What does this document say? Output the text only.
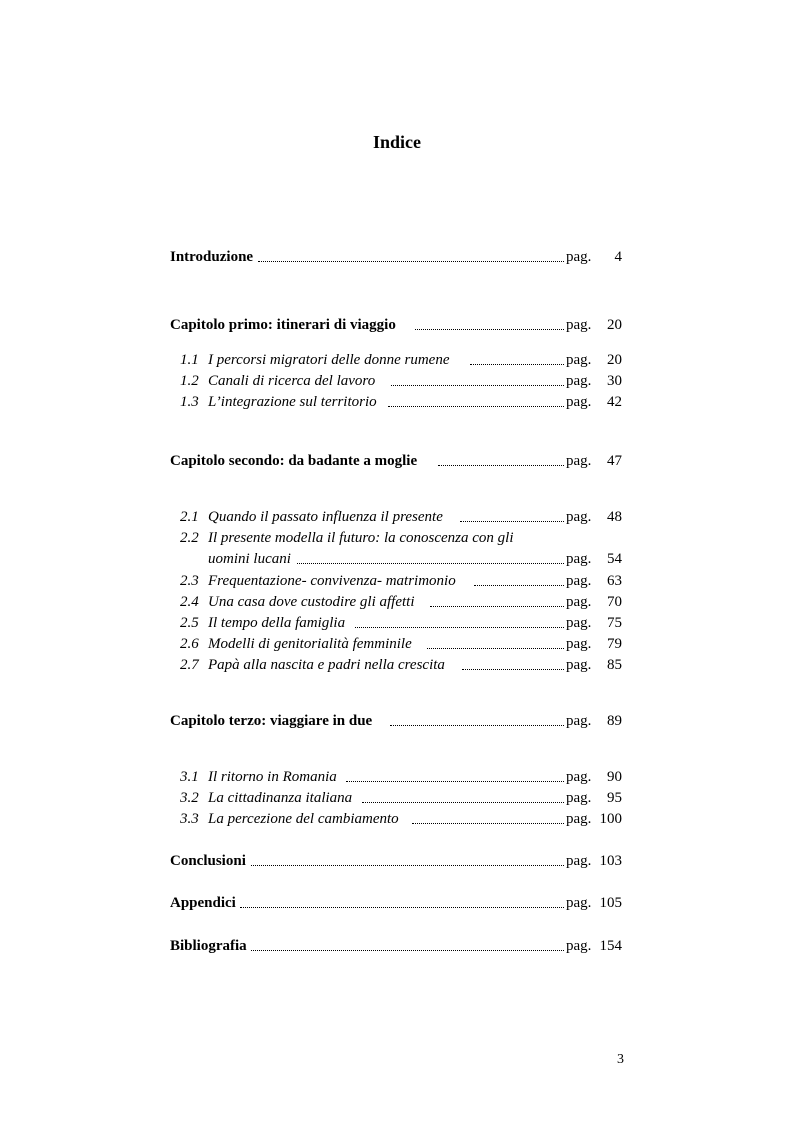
Indice
Introduzione	pag.	4
Capitolo primo: itinerari di viaggio	pag.	20
1.1 I percorsi migratori delle donne rumene	pag.	20
1.2 Canali di ricerca del lavoro	pag.	30
1.3 L’integrazione sul territorio	pag.	42
Capitolo secondo: da badante a moglie	pag.	47
2.1 Quando il passato influenza il presente	pag.	48
2.2 Il presente modella il futuro: la conoscenza con gli
uomini lucani	pag.	54
2.3 Frequentazione- convivenza- matrimonio	pag.	63
2.4 Una casa dove custodire gli affetti	pag.	70
2.5 Il tempo della famiglia	pag.	75
2.6 Modelli di genitorialità femminile	pag.	79
2.7 Papà alla nascita e padri nella crescita	pag.	85
Capitolo terzo: viaggiare in due	pag.	89
3.1 Il ritorno in Romania	pag.	90
3.2 La cittadinanza italiana	pag.	95
3.3 La percezione del cambiamento	pag. 100
Conclusioni	pag. 103
Appendici	pag. 105
Bibliografia	pag. 154
3
